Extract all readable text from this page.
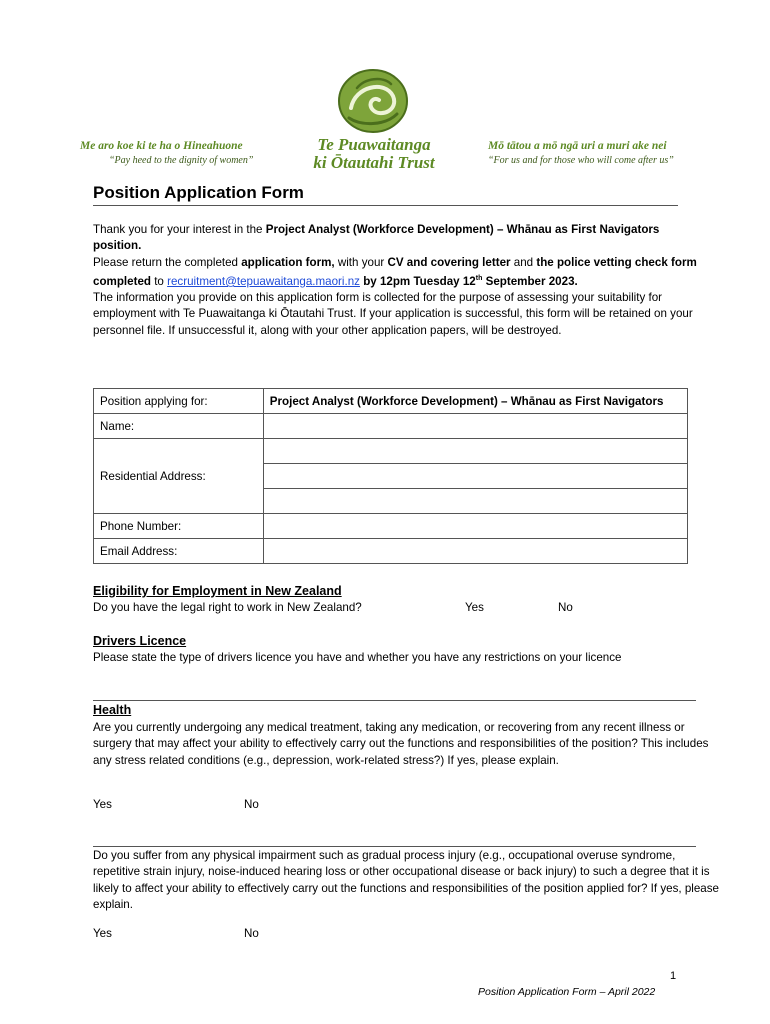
Me aro koe ki te ha o Hineahuone
“Pay heed to the dignity of women”
Te Puawaitanga
ki Ōtautahi Trust
Mō tātou a mō ngā uri a muri ake nei
“For us and for those who will come after us”
Position Application Form
Thank you for your interest in the Project Analyst (Workforce Development) – Whānau as First Navigators position.
Please return the completed application form, with your CV and covering letter and the police vetting check form completed to recruitment@tepuawaitanga.maori.nz by 12pm Tuesday 12th September 2023.
The information you provide on this application form is collected for the purpose of assessing your suitability for employment with Te Puawaitanga ki Ōtautahi Trust. If your application is successful, this form will be retained on your personnel file. If unsuccessful it, along with your other application papers, will be destroyed.
Position applying for:	Project Analyst (Workforce Development) – Whānau as First Navigators
Name:	
Residential Address:	

Phone Number:	
Email Address:	
Eligibility for Employment in New Zealand
Do you have the legal right to work in New Zealand?	Yes	No
Drivers Licence
Please state the type of drivers licence you have and whether you have any restrictions on your licence
Health
Are you currently undergoing any medical treatment, taking any medication, or recovering from any recent illness or surgery that may affect your ability to effectively carry out the functions and responsibilities of the position? This includes any stress related conditions (e.g., depression, work-related stress?) If yes, please explain.
Yes	No
Do you suffer from any physical impairment such as gradual process injury (e.g., occupational overuse syndrome, repetitive strain injury, noise-induced hearing loss or other occupational disease or back injury) to such a degree that it is likely to affect your ability to effectively carry out the functions and responsibilities of the position applied for? If yes, please explain.
Yes	No
1
Position Application Form – April 2022
